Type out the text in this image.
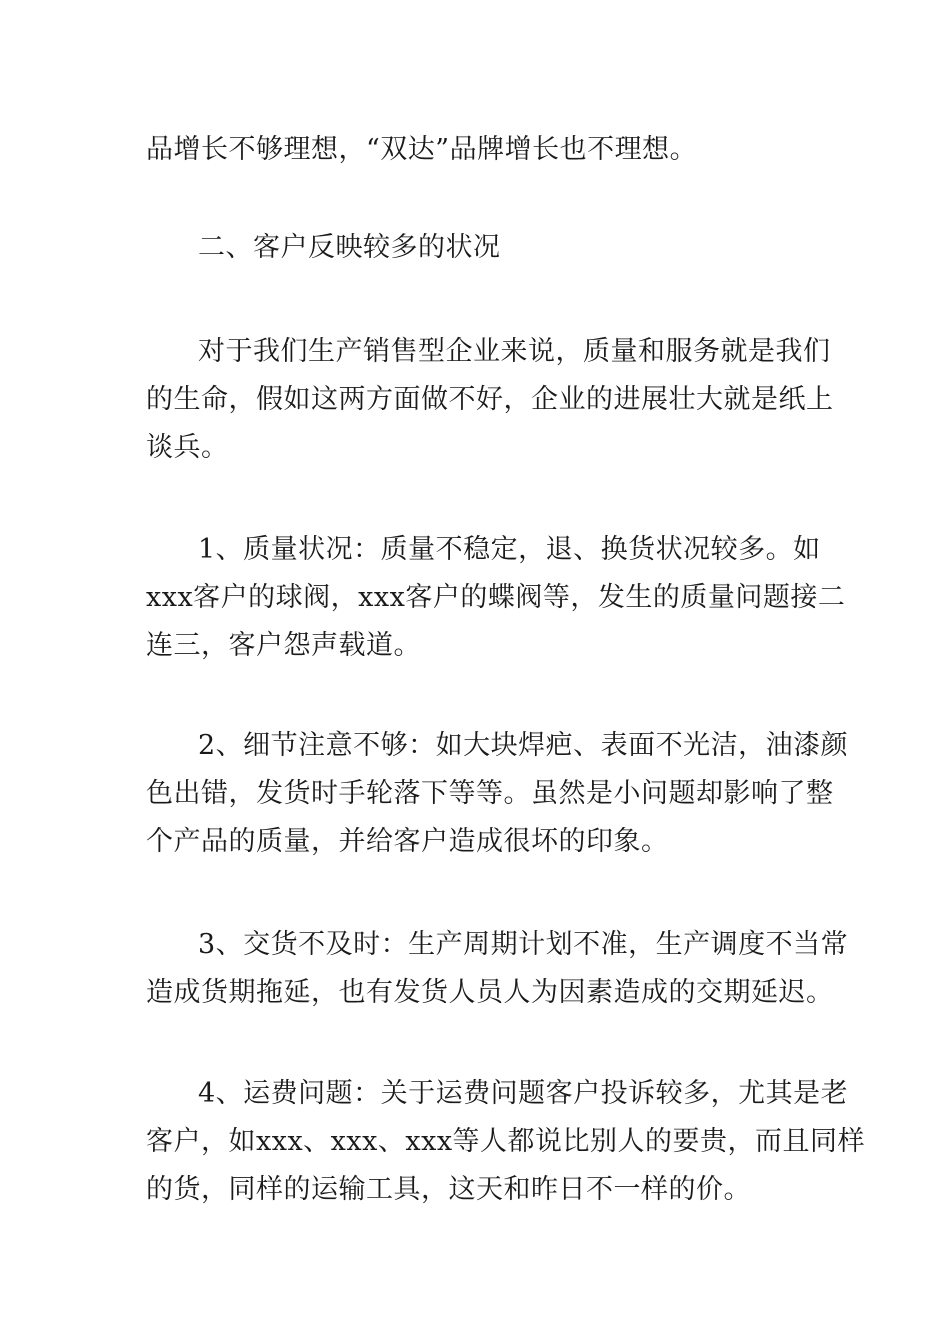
品增长不够理想，“双达”品牌增长也不理想。
二、客户反映较多的状况
对于我们生产销售型企业来说，质量和服务就是我们
的生命，假如这两方面做不好，企业的进展壮大就是纸上
谈兵。
1、质量状况：质量不稳定，退、换货状况较多。如
xxx客户的球阀，xxx客户的蝶阀等，发生的质量问题接二
连三，客户怨声载道。
2、细节注意不够：如大块焊疤、表面不光洁，油漆颜
色出错，发货时手轮落下等等。虽然是小问题却影响了整
个产品的质量，并给客户造成很坏的印象。
3、交货不及时：生产周期计划不准，生产调度不当常
造成货期拖延，也有发货人员人为因素造成的交期延迟。
4、运费问题：关于运费问题客户投诉较多，尤其是老
客户，如xxx、xxx、xxx等人都说比别人的要贵，而且同样
的货，同样的运输工具，这天和昨日不一样的价。
